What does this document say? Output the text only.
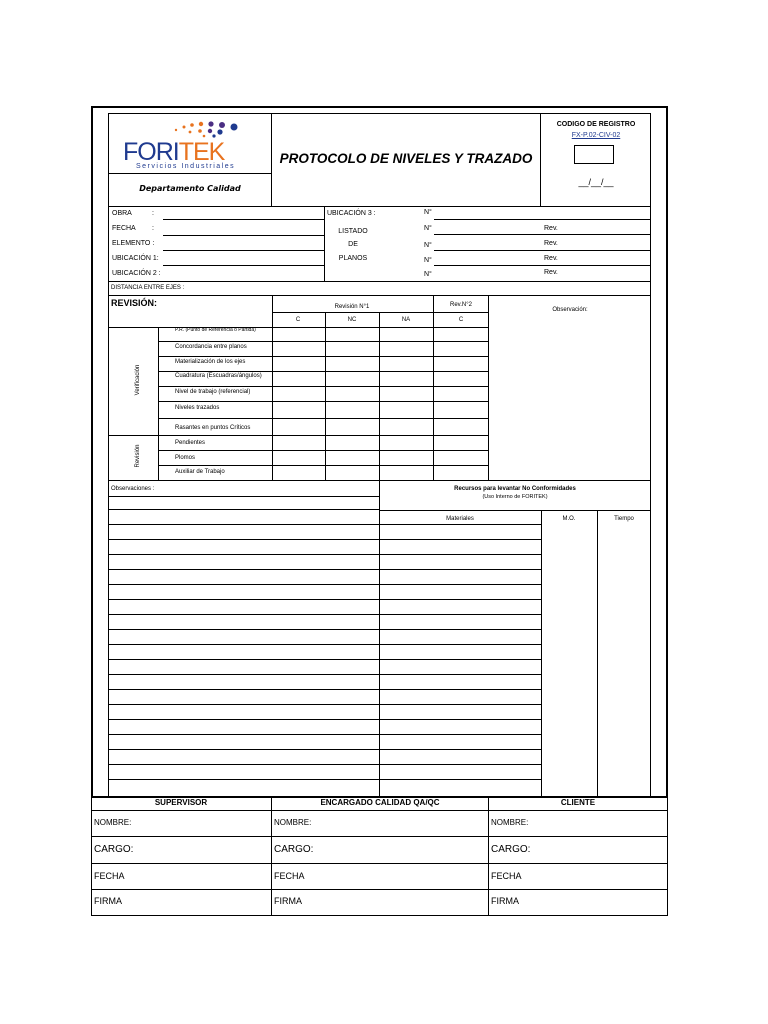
FORITEK
Servicios Industriales
Departamento Calidad
PROTOCOLO DE NIVELES Y TRAZADO
CODIGO DE REGISTRO
FX-P.02-CIV-02
__/__/__
OBRA	:
FECHA :
ELEMENTO :
UBICACIÓN 1:
UBICACIÓN 2 :
UBICACIÓN 3 :
LISTADO
DE
PLANOS
N°
N°
N°
N°
N°
Rev.
Rev.
Rev.
Rev.
DISTANCIA ENTRE EJES :
REVISIÓN:	Revisión N°1	Rev.N°2
C	NC	NA	C
Observación:
Verificación
Revisión
P.R. (Punto de Referencia o Partida)
Concordancia entre planos
Materialización de los ejes
Cuadratura (Escuadras/ángulos)
Nivel de trabajo (referencial)
Niveles trazados
Rasantes en puntos Críticos
Pendientes
Plomos
Auxiliar de Trabajo
Observaciones :	Recursos para levantar No Conformidades
(Uso Interno de FORITEK)
Materiales	M.O.	Tiempo
SUPERVISOR	ENCARGADO CALIDAD QA/QC	CLIENTE
NOMBRE:	NOMBRE:	NOMBRE:
CARGO:	CARGO:	CARGO:
FECHA	FECHA	FECHA
FIRMA	FIRMA	FIRMA
